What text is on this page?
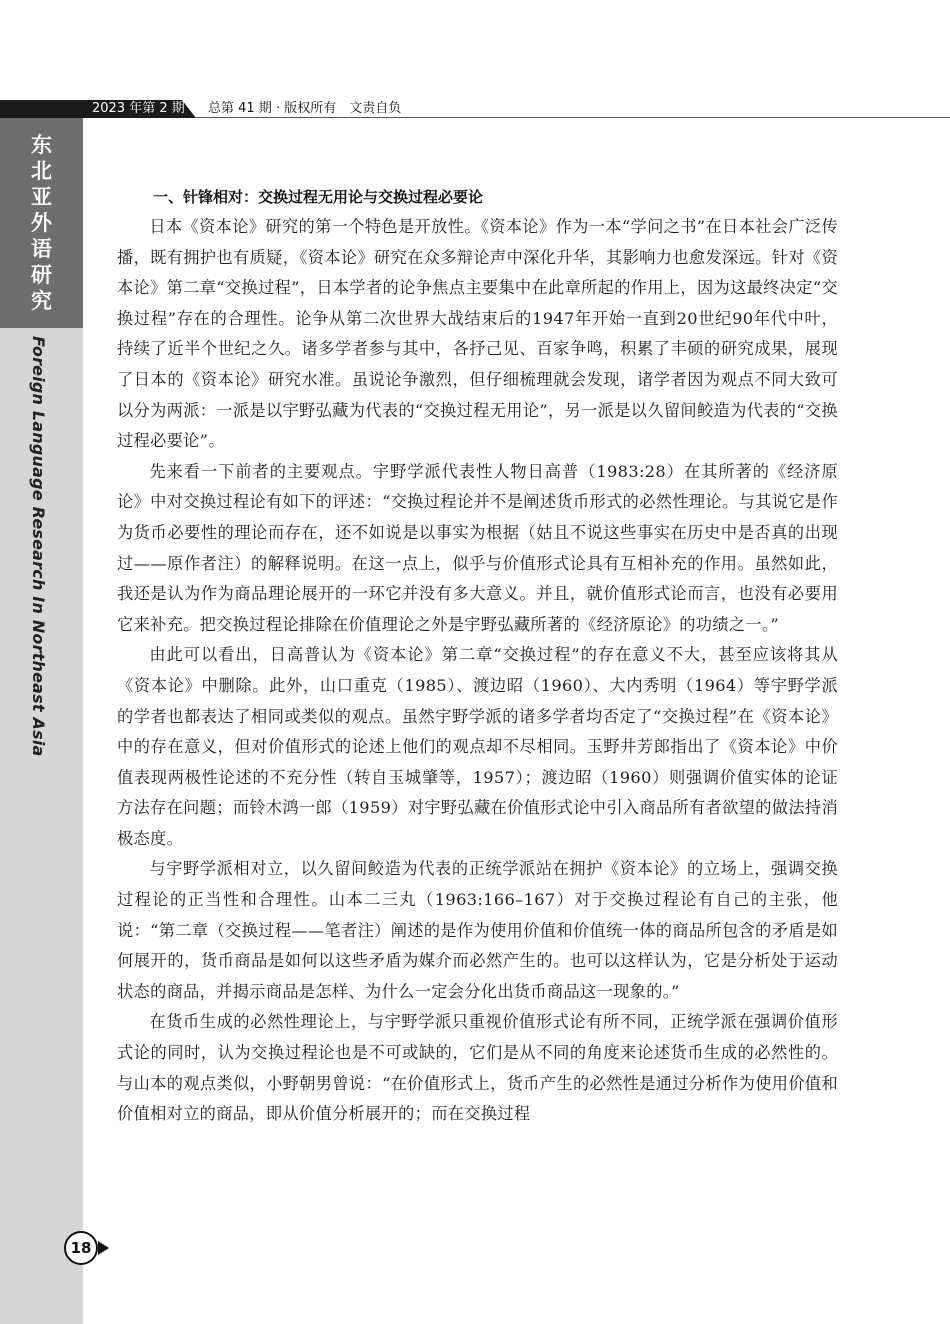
2023 年第 2 期 总第 41 期 · 版权所有　文责自负
东
北
亚
外
语
研
究
Foreign Language Research In Northeast Asia
一、针锋相对：交换过程无用论与交换过程必要论

日本《资本论》研究的第一个特色是开放性。《资本论》作为一本“学问之书”在日本社会广泛传播，既有拥护也有质疑，《资本论》研究在众多辩论声中深化升华，其影响力也愈发深远。针对《资本论》第二章“交换过程”，日本学者的论争焦点主要集中在此章所起的作用上，因为这最终决定“交换过程”存在的合理性。论争从第二次世界大战结束后的1947年开始一直到20世纪90年代中叶，持续了近半个世纪之久。诸多学者参与其中，各抒己见、百家争鸣，积累了丰硕的研究成果，展现了日本的《资本论》研究水准。虽说论争激烈，但仔细梳理就会发现，诸学者因为观点不同大致可以分为两派：一派是以宇野弘藏为代表的“交换过程无用论”，另一派是以久留间鲛造为代表的“交换过程必要论”。

先来看一下前者的主要观点。宇野学派代表性人物日高普（1983:28）在其所著的《经济原论》中对交换过程论有如下的评述：“交换过程论并不是阐述货币形式的必然性理论。与其说它是作为货币必要性的理论而存在，还不如说是以事实为根据（姑且不说这些事实在历史中是否真的出现过——原作者注）的解释说明。在这一点上，似乎与价值形式论具有互相补充的作用。虽然如此，我还是认为作为商品理论展开的一环它并没有多大意义。并且，就价值形式论而言，也没有必要用它来补充。把交换过程论排除在价值理论之外是宇野弘藏所著的《经济原论》的功绩之一。”

由此可以看出，日高普认为《资本论》第二章“交换过程”的存在意义不大，甚至应该将其从《资本论》中删除。此外，山口重克（1985）、渡边昭（1960）、大内秀明（1964）等宇野学派的学者也都表达了相同或类似的观点。虽然宇野学派的诸多学者均否定了“交换过程”在《资本论》中的存在意义，但对价值形式的论述上他们的观点却不尽相同。玉野井芳郎指出了《资本论》中价值表现两极性论述的不充分性（转自玉城肇等，1957）；渡边昭（1960）则强调价值实体的论证方法存在问题；而铃木鸿一郎（1959）对宇野弘藏在价值形式论中引入商品所有者欲望的做法持消极态度。

与宇野学派相对立，以久留间鲛造为代表的正统学派站在拥护《资本论》的立场上，强调交换过程论的正当性和合理性。山本二三丸（1963:166–167）对于交换过程论有自己的主张，他说：“第二章（交换过程——笔者注）阐述的是作为使用价值和价值统一体的商品所包含的矛盾是如何展开的，货币商品是如何以这些矛盾为媒介而必然产生的。也可以这样认为，它是分析处于运动状态的商品，并揭示商品是怎样、为什么一定会分化出货币商品这一现象的。”

在货币生成的必然性理论上，与宇野学派只重视价值形式论有所不同，正统学派在强调价值形式论的同时，认为交换过程论也是不可或缺的，它们是从不同的角度来论述货币生成的必然性的。与山本的观点类似，小野朝男曾说：“在价值形式上，货币产生的必然性是通过分析作为使用价值和价值相对立的商品，即从价值分析展开的；而在交换过程

18
